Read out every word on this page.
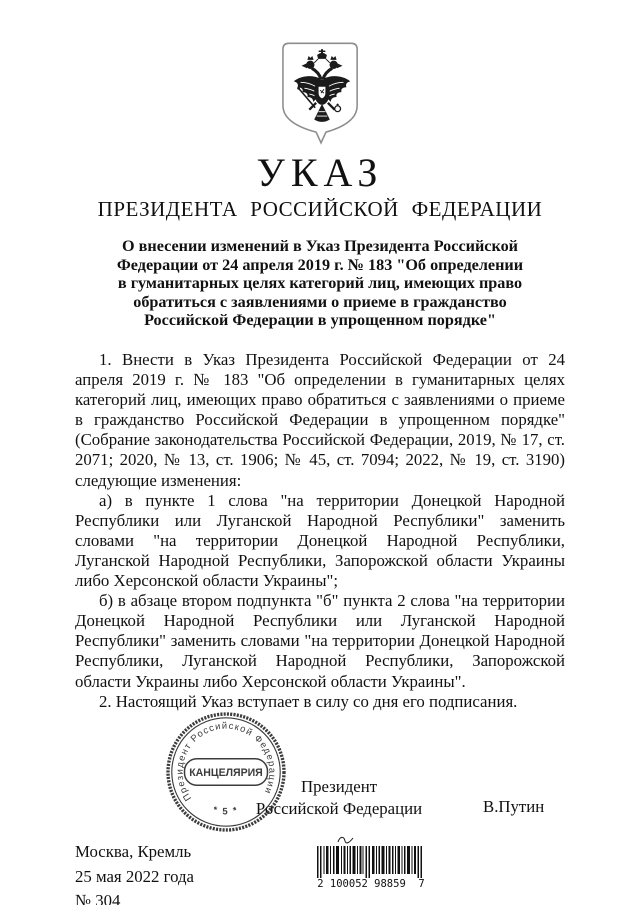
УКАЗ
ПРЕЗИДЕНТА РОССИЙСКОЙ ФЕДЕРАЦИИ
О внесении изменений в Указ Президента Российской
Федерации от 24 апреля 2019 г. № 183 "Об определении
в гуманитарных целях категорий лиц, имеющих право
обратиться с заявлениями о приеме в гражданство
Российской Федерации в упрощенном порядке"

1. Внести в Указ Президента Российской Федерации от 24 апреля 2019 г. № 183 "Об определении в гуманитарных целях категорий лиц, имеющих право обратиться с заявлениями о приеме в гражданство Российской Федерации в упрощенном порядке" (Собрание законодательства Российской Федерации, 2019, № 17, ст. 2071; 2020, № 13, ст. 1906; № 45, ст. 7094; 2022, № 19, ст. 3190) следующие изменения:

а) в пункте 1 слова "на территории Донецкой Народной Республики или Луганской Народной Республики" заменить словами "на территории Донецкой Народной Республики, Луганской Народной Республики, Запорожской области Украины либо Херсонской области Украины";

б) в абзаце втором подпункта "б" пункта 2 слова "на территории Донецкой Народной Республики или Луганской Народной Республики" заменить словами "на территории Донецкой Народной Республики, Луганской Народной Республики, Запорожской области Украины либо Херсонской области Украины".

2. Настоящий Указ вступает в силу со дня его подписания.

Президент
Российской Федерации	В.Путин
Президент Российской Федерации
* 5 *
КАНЦЕЛЯРИЯ
Москва, Кремль
25 мая 2022 года
№ 304
2 100052 98859  7
